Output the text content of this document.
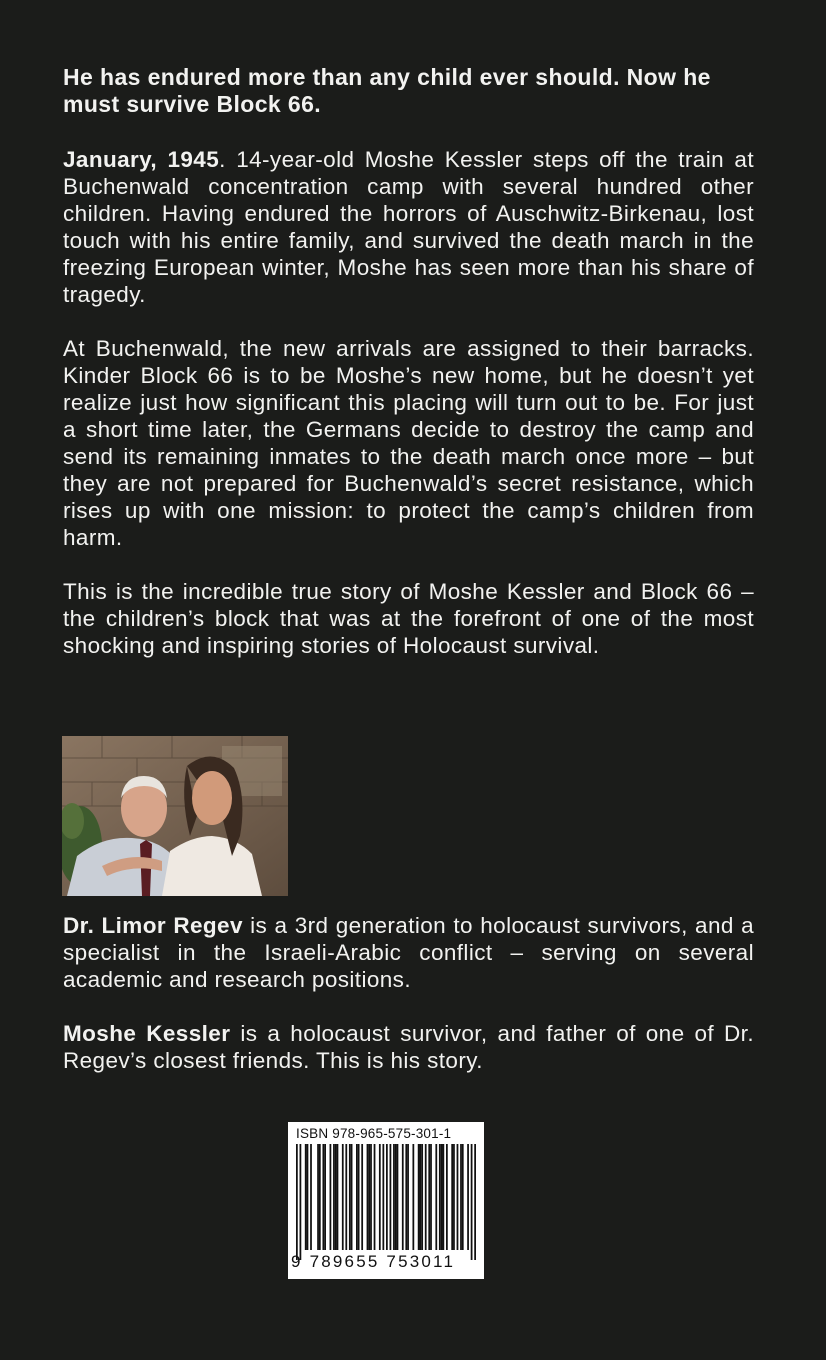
He has endured more than any child ever should. Now he must survive Block 66.

January, 1945. 14-year-old Moshe Kessler steps off the train at Buchenwald concentration camp with several hundred other children. Having endured the horrors of Auschwitz-Birkenau, lost touch with his entire family, and survived the death march in the freezing European winter, Moshe has seen more than his share of tragedy.

At Buchenwald, the new arrivals are assigned to their barracks. Kinder Block 66 is to be Moshe’s new home, but he doesn’t yet realize just how significant this placing will turn out to be. For just a short time later, the Germans decide to destroy the camp and send its remaining inmates to the death march once more – but they are not prepared for Buchenwald’s secret resistance, which rises up with one mission: to protect the camp’s children from harm.

This is the incredible true story of Moshe Kessler and Block 66 – the children’s block that was at the forefront of one of the most shocking and inspiring stories of Holocaust survival.

Dr. Limor Regev is a 3rd generation to holocaust survivors, and a specialist in the Israeli-Arabic conflict – serving on several academic and research positions.

Moshe Kessler is a holocaust survivor, and father of one of Dr. Regev’s closest friends. This is his story.

ISBN 978-965-575-301-1
9 789655 753011
